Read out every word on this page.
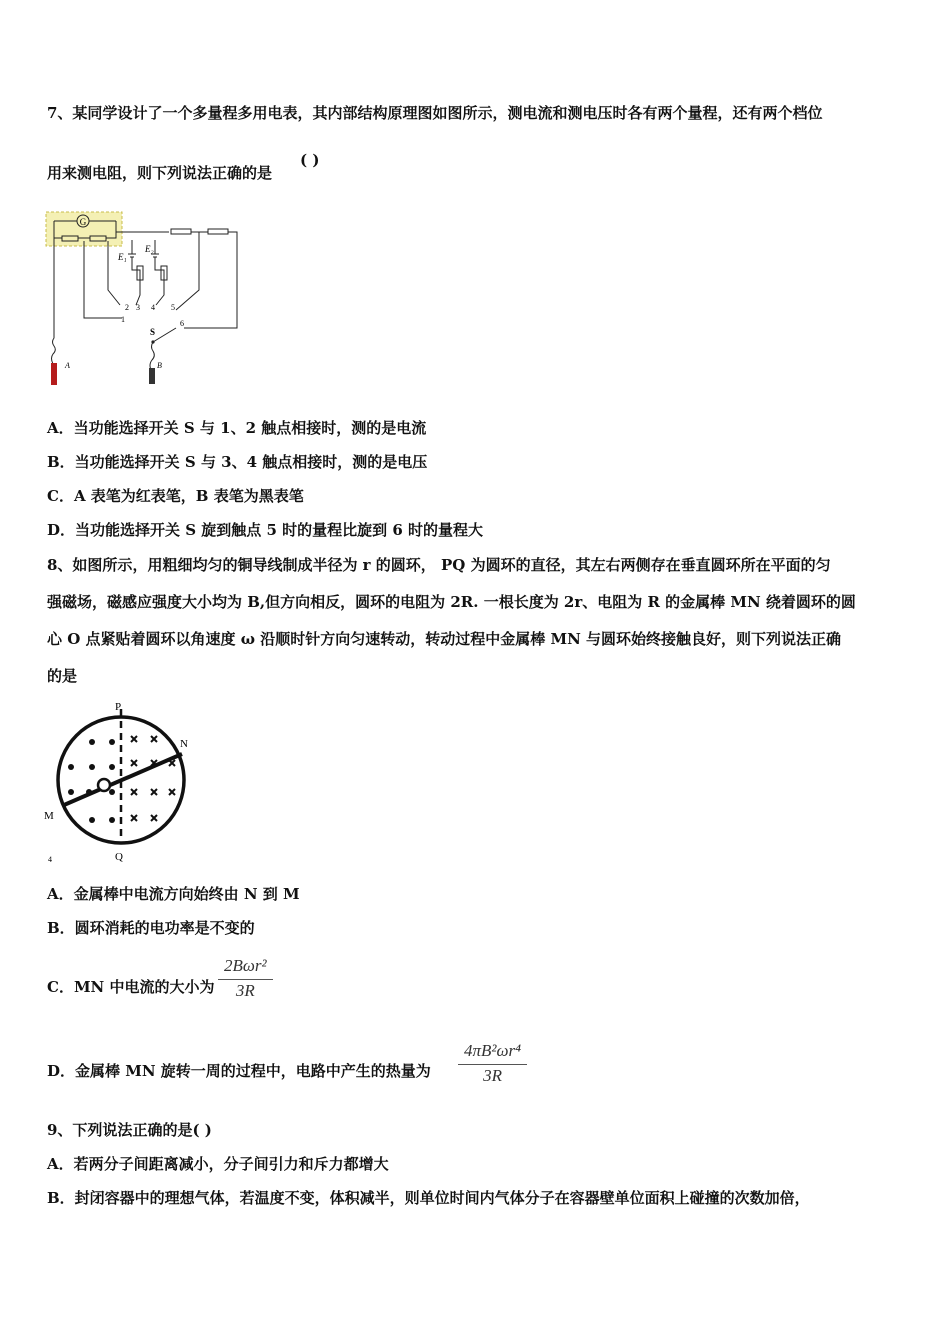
7、某同学设计了一个多量程多用电表，其内部结构原理图如图所示，测电流和测电压时各有两个量程，还有两个档位
用来测电阻，则下列说法正确的是
( )
G
E₁
E₂
1
2 3 4 5
6
S
B
A
A．当功能选择开关 S 与 1、2 触点相接时，测的是电流
B．当功能选择开关 S 与 3、4 触点相接时，测的是电压
C．A 表笔为红表笔，B 表笔为黑表笔
D．当功能选择开关 S 旋到触点 5 时的量程比旋到 6 时的量程大
8、如图所示，用粗细均匀的铜导线制成半径为 r 的圆环， PQ 为圆环的直径，其左右两侧存在垂直圆环所在平面的匀
强磁场，磁感应强度大小均为 B,但方向相反，圆环的电阻为 2R. 一根长度为 2r、电阻为 R 的金属棒 MN 绕着圆环的圆
心 O 点紧贴着圆环以角速度 ω 沿顺时针方向匀速转动，转动过程中金属棒 MN 与圆环始终接触良好，则下列说法正确
的是
P
Q
M
N
4
A．金属棒中电流方向始终由 N 到 M
B．圆环消耗的电功率是不变的
C．MN 中电流的大小为
2Bωr²
3R
D．金属棒 MN 旋转一周的过程中，电路中产生的热量为 $\frac{\text{4πB²ωr⁴}}{3R}$
9、下列说法正确的是( )
A．若两分子间距离减小，分子间引力和斥力都增大
B．封闭容器中的理想气体，若温度不变，体积减半，则单位时间内气体分子在容器壁单位面积上碰撞的次数加倍，
